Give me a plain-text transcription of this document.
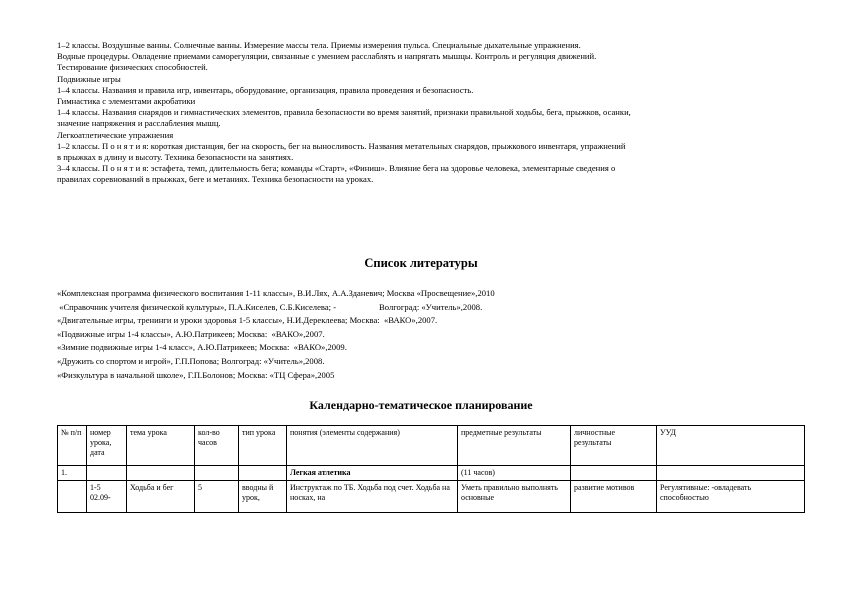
1–2 классы. Воздушные ванны. Солнечные ванны. Измерение массы тела. Приемы измерения пульса. Специальные дыхательные упражнения.
Водные процедуры. Овладение приемами саморегуляции, связанные с умением расслаблять и напрягать мышцы. Контроль и регуляция движений.
Тестирование физических способностей.
Подвижные игры
1–4 классы. Названия и правила игр, инвентарь, оборудование, организация, правила проведения и безопасность.
Гимнастика с элементами акробатики
1–4 классы. Названия снарядов и гимнастических элементов, правила безопасности во время занятий, признаки правильной ходьбы, бега, прыжков, осанки,
значение напряжения и расслабления мышц.
Легкоатлетические упражнения
1–2 классы. П о н я т и я: короткая дистанция, бег на скорость, бег на выносливость. Названия метательных снарядов, прыжкового инвентаря, упражнений
в прыжках в длину и высоту. Техника безопасности на занятиях.
3–4 классы. П о н я т и я: эстафета, темп, длительность бега; команды «Старт», «Финиш». Влияние бега на здоровье человека, элементарные сведения о
правилах соревнований в прыжках, беге и метаниях. Техника безопасности на уроках.
Список литературы
«Комплексная программа физического воспитания 1-11 классы», В.И.Лях, А.А.Зданевич; Москва «Просвещение»,2010
«Справочник учителя физической культуры», П.А.Киселев, С.Б.Киселева; -                    Волгоград: «Учитель»,2008.
«Двигательные игры, тренинги и уроки здоровья 1-5 классы», Н.И.Дереклеева; Москва:  «ВАКО»,2007.
«Подвижные игры 1-4 классы», А.Ю.Патрикеев; Москва:  «ВАКО»,2007.
«Зимние подвижные игры 1-4 класс», А.Ю.Патрикеев; Москва:  «ВАКО»,2009.
«Дружить со спортом и игрой», Г.П.Попова; Волгоград: «Учитель»,2008.
«Физкультура в начальной школе», Г.П.Болонов; Москва: «ТЦ Сфера»,2005
Календарно-тематическое планирование
№ п/п	номер урока, дата	тема урока	кол-во часов	тип урока	понятия (элементы содержания)	предметные результаты	личностные результаты	УУД
1.					Легкая атлетика	(11 часов)		
	1-5 02.09-	Ходьба и бег	5	вводны й урок,	Инструктаж по ТБ. Ходьба под счет. Ходьба на носках, на	Уметь правильно выполнять основные	развитие мотивов	Регулятивные: -овладевать способностью
